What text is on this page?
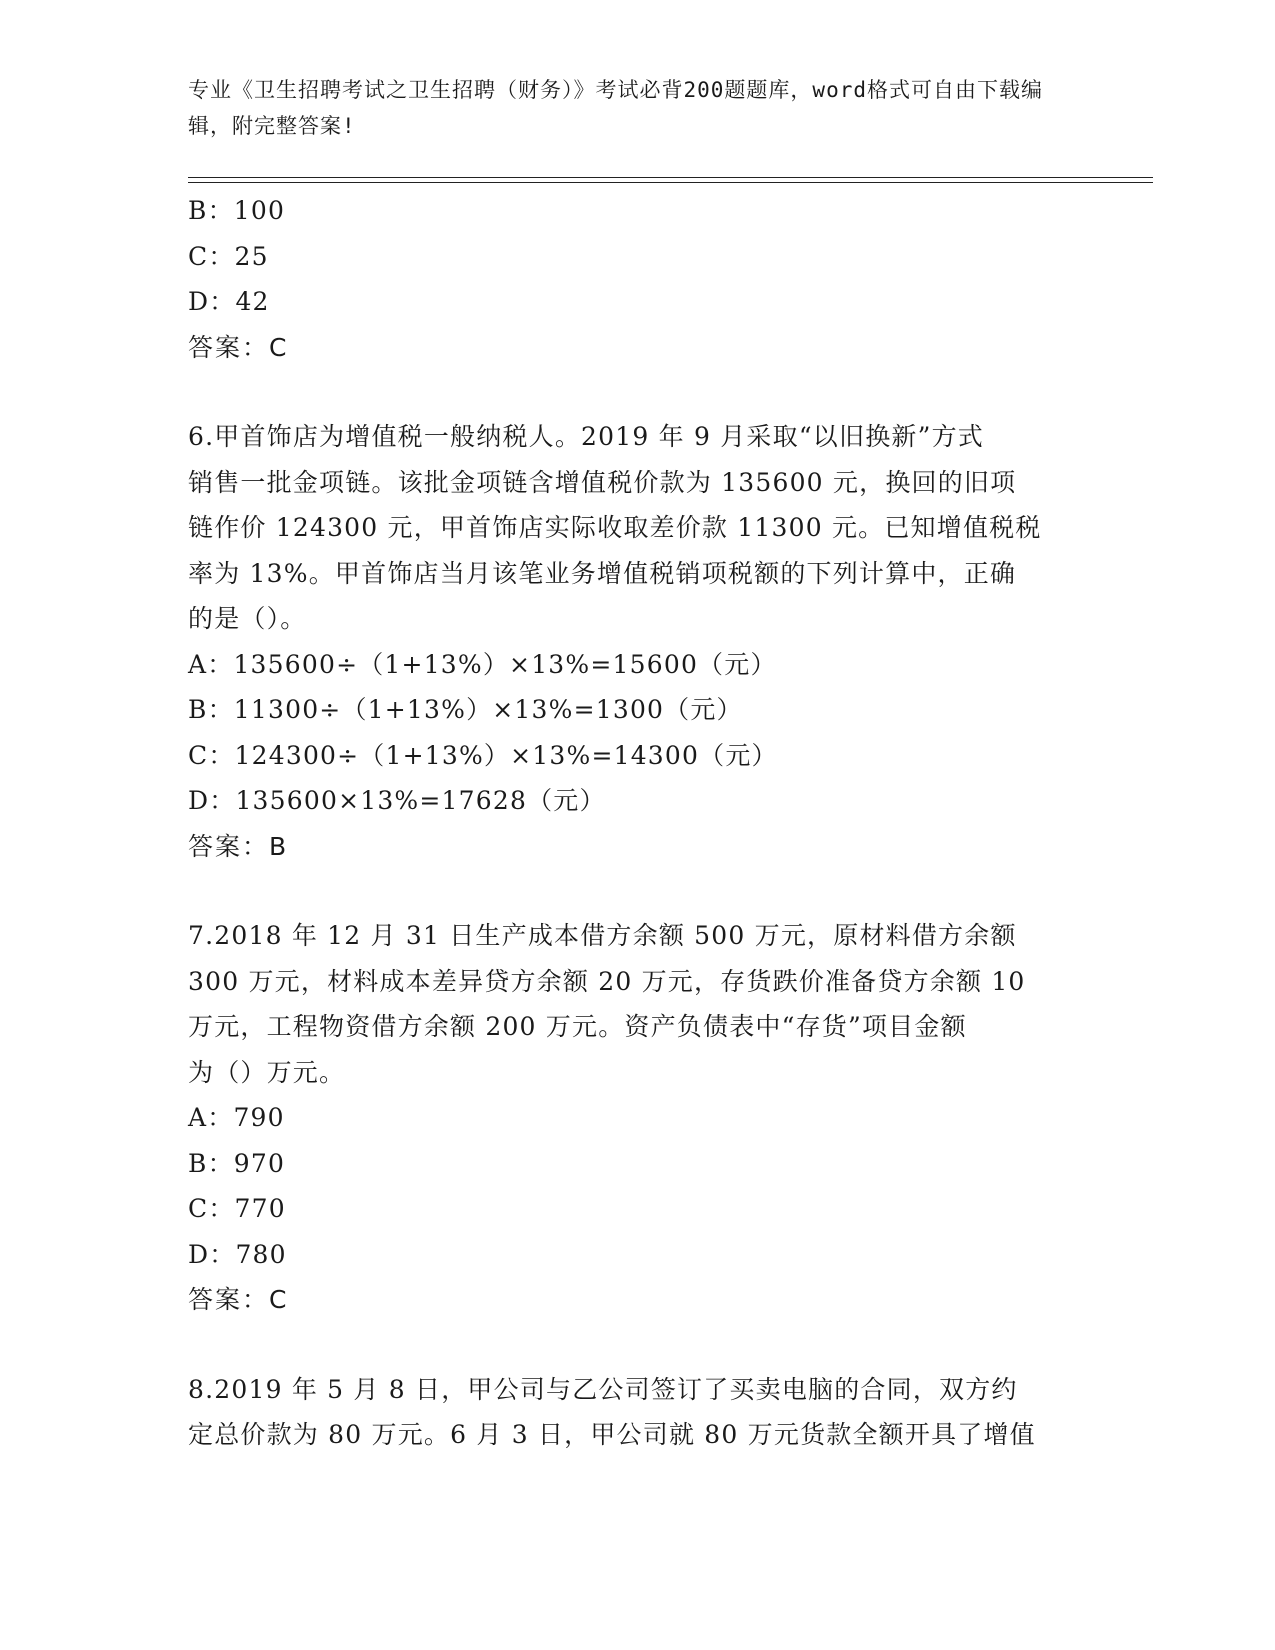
专业《卫生招聘考试之卫生招聘（财务）》考试必背200题题库，word格式可自由下载编辑，附完整答案!
B：100
C：25
D：42
答案：C
6.甲首饰店为增值税一般纳税人。2019 年 9 月采取“以旧换新”方式
销售一批金项链。该批金项链含增值税价款为 135600 元，换回的旧项
链作价 124300 元，甲首饰店实际收取差价款 11300 元。已知增值税税
率为 13%。甲首饰店当月该笔业务增值税销项税额的下列计算中，正确
的是（）。
A：135600÷（1+13%）×13%=15600（元）
B：11300÷（1+13%）×13%=1300（元）
C：124300÷（1+13%）×13%=14300（元）
D：135600×13%=17628（元）
答案：B
7.2018 年 12 月 31 日生产成本借方余额 500 万元，原材料借方余额
300 万元，材料成本差异贷方余额 20 万元，存货跌价准备贷方余额 10
万元，工程物资借方余额 200 万元。资产负债表中“存货”项目金额
为（）万元。
A：790
B：970
C：770
D：780
答案：C
8.2019 年 5 月 8 日，甲公司与乙公司签订了买卖电脑的合同，双方约
定总价款为 80 万元。6 月 3 日，甲公司就 80 万元货款全额开具了增值
